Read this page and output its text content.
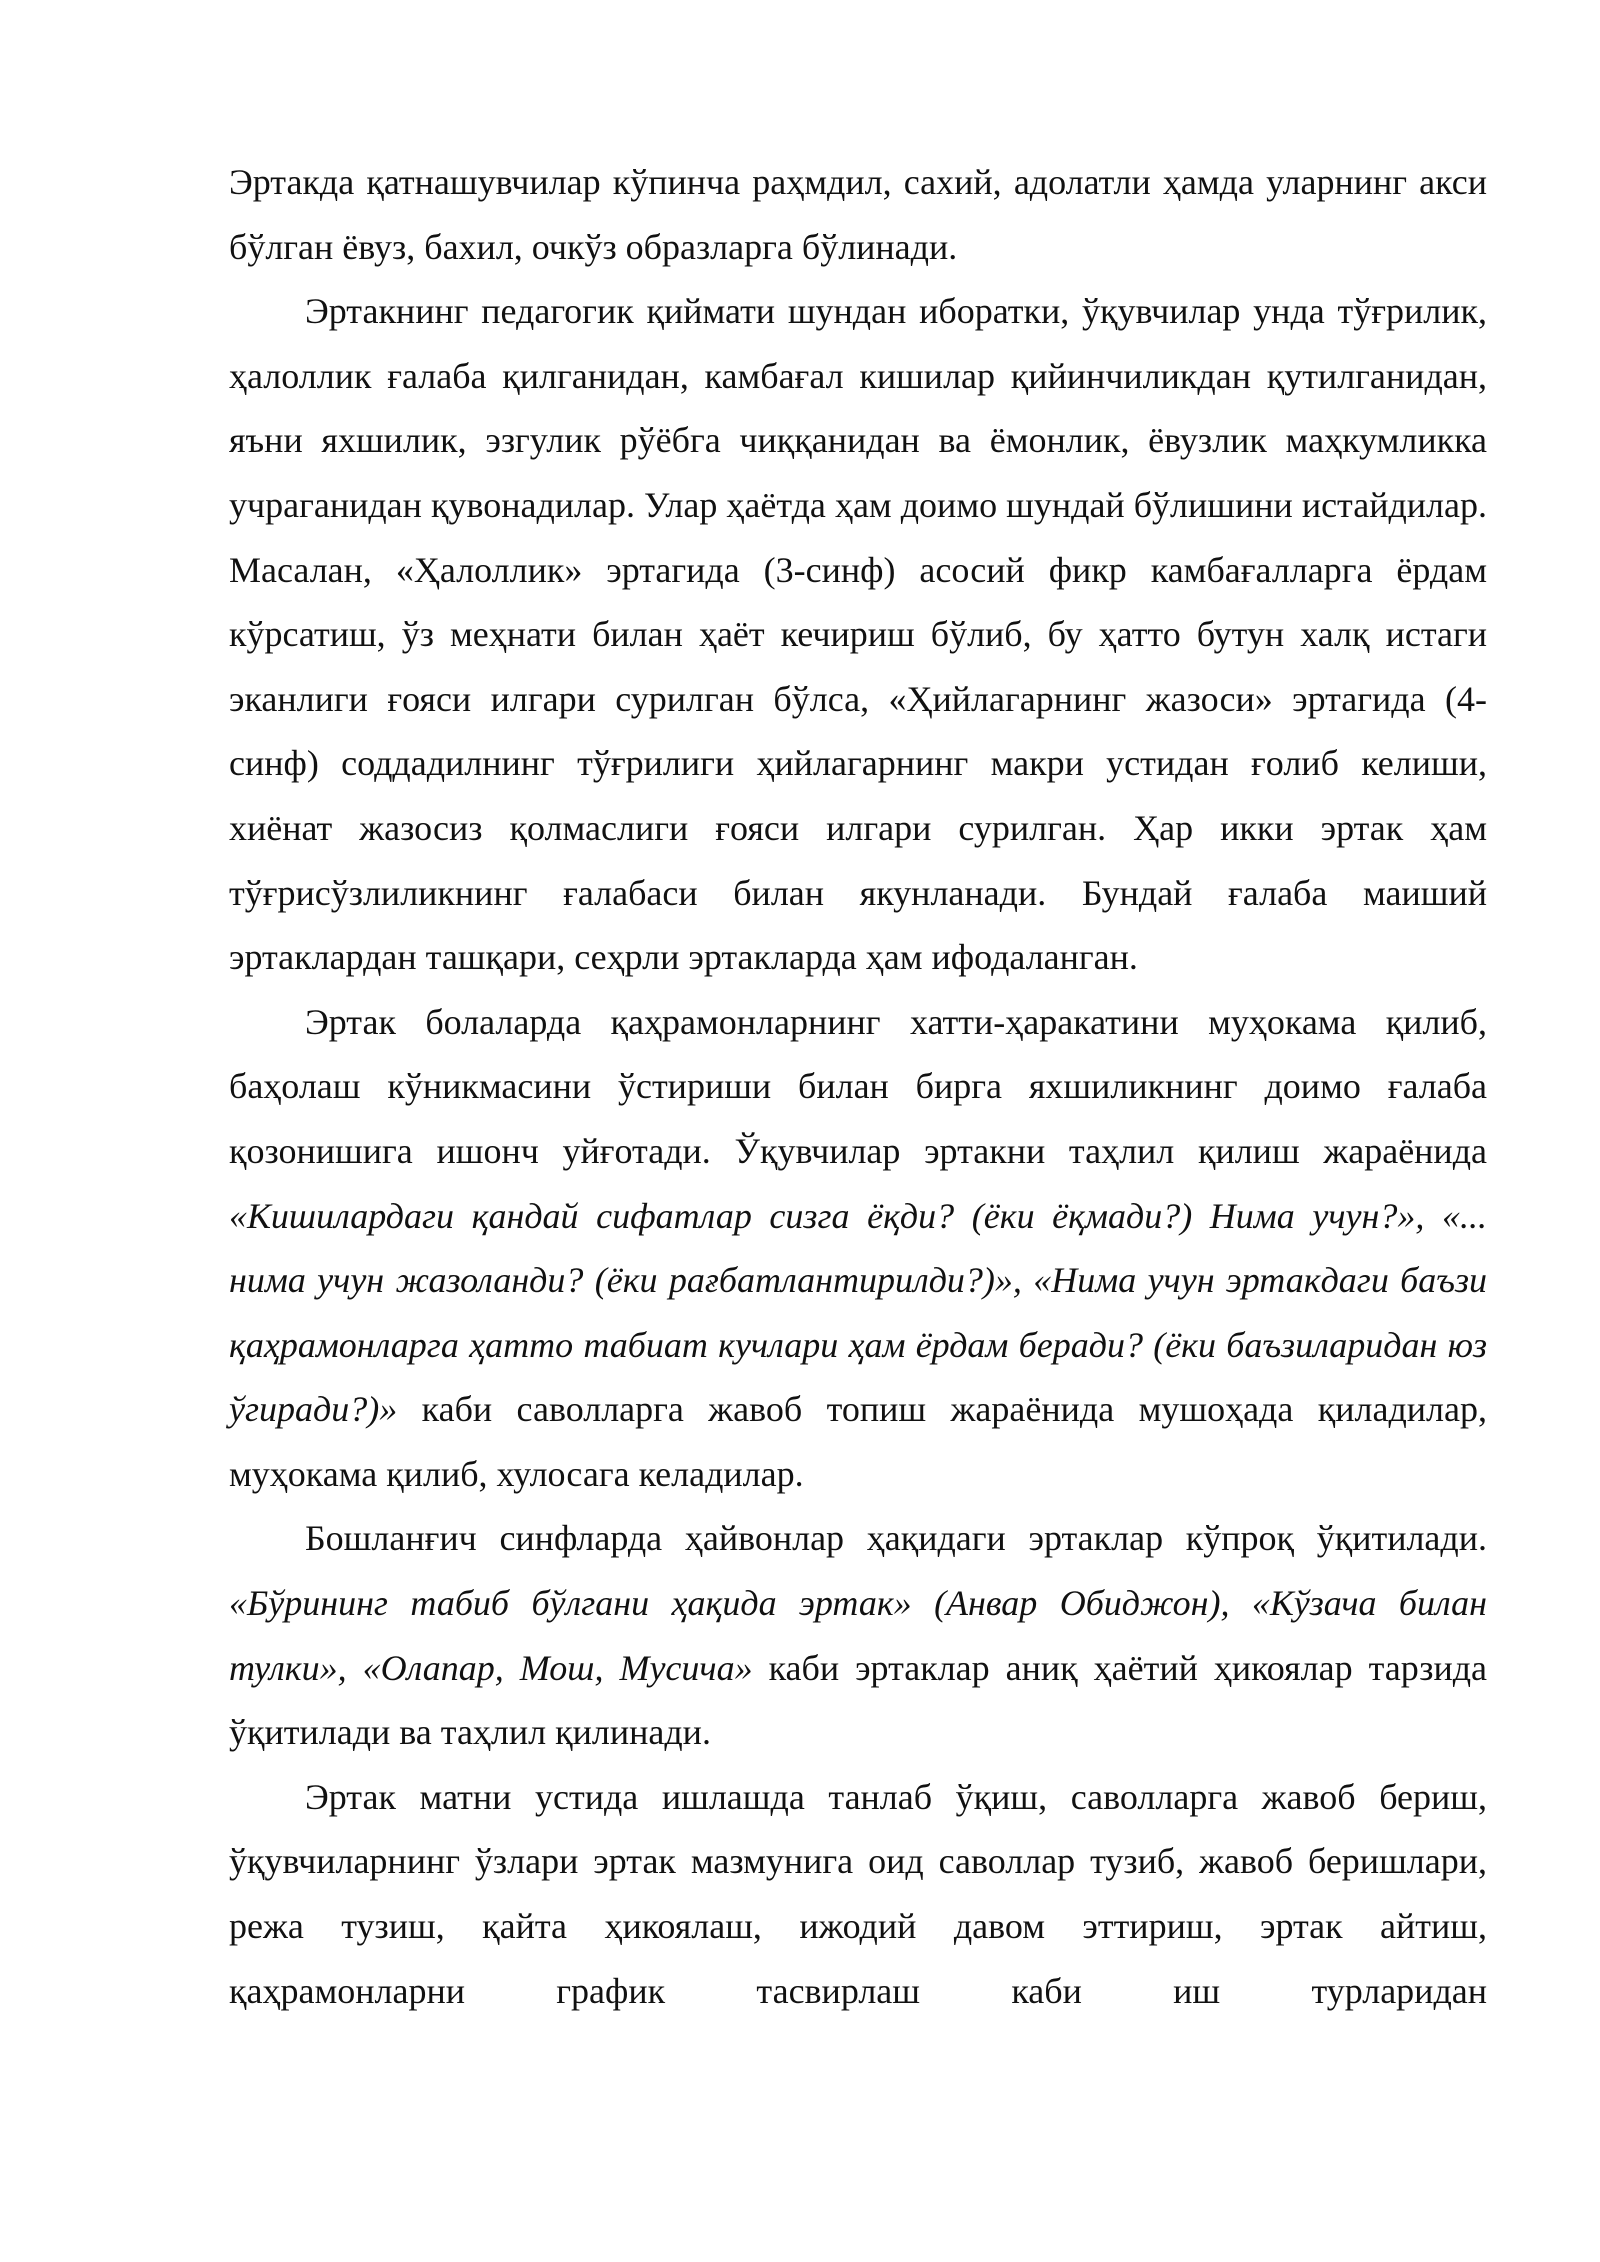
Эртакда қатнашувчилар кўпинча раҳмдил, сахий, адолатли ҳамда уларнинг акси бўлган ёвуз, бахил, очкўз образларга бўлинади.

Эртакнинг педагогик қиймати шундан иборатки, ўқувчилар унда тўғрилик, ҳалоллик ғалаба қилганидан, камбағал кишилар қийинчиликдан қутилганидан, яъни яхшилик, эзгулик рўёбга чиққанидан ва ёмонлик, ёвузлик маҳкумликка учраганидан қувонадилар. Улар ҳаётда ҳам доимо шундай бўлишини истайдилар. Масалан, «Ҳалоллик» эртагида (3-синф) асосий фикр камбағалларга ёрдам кўрсатиш, ўз меҳнати билан ҳаёт кечириш бўлиб, бу ҳатто бутун халқ истаги эканлиги ғояси илгари сурилган бўлса, «Ҳийлагарнинг жазоси» эртагида (4-синф) соддадилнинг тўғрилиги ҳийлагарнинг макри устидан ғолиб келиши, хиёнат жазосиз қолмаслиги ғояси илгари сурилган. Ҳар икки эртак ҳам тўғрисўзлиликнинг ғалабаси билан якунланади. Бундай ғалаба маиший эртаклардан ташқари, сеҳрли эртакларда ҳам ифодаланган.

Эртак болаларда қаҳрамонларнинг хатти-ҳаракатини муҳокама қилиб, баҳолаш кўникмасини ўстириши билан бирга яхшиликнинг доимо ғалаба қозонишига ишонч уйғотади. Ўқувчилар эртакни таҳлил қилиш жараёнида «Кишилардаги қандай сифатлар сизга ёқди? (ёки ёқмади?) Нима учун?», «... нима учун жазоланди? (ёки рағбатлантирилди?)», «Нима учун эртакдаги баъзи қаҳрамонларга ҳатто табиат кучлари ҳам ёрдам беради? (ёки баъзиларидан юз ўгиради?)» каби саволларга жавоб топиш жараёнида мушоҳада қиладилар, муҳокама қилиб, хулосага келадилар.

Бошланғич синфларда ҳайвонлар ҳақидаги эртаклар кўпроқ ўқитилади. «Бўрининг табиб бўлгани ҳақида эртак» (Анвар Обиджон), «Кўзача билан тулки», «Олапар, Мош, Мусича» каби эртаклар аниқ ҳаётий ҳикоялар тарзида ўқитилади ва таҳлил қилинади.

Эртак матни устида ишлашда танлаб ўқиш, саволларга жавоб бериш, ўқувчиларнинг ўзлари эртак мазмунига оид саволлар тузиб, жавоб беришлари, режа тузиш, қайта ҳикоялаш, ижодий давом эттириш, эртак айтиш, қаҳрамонларни график тасвирлаш каби иш турларидан
